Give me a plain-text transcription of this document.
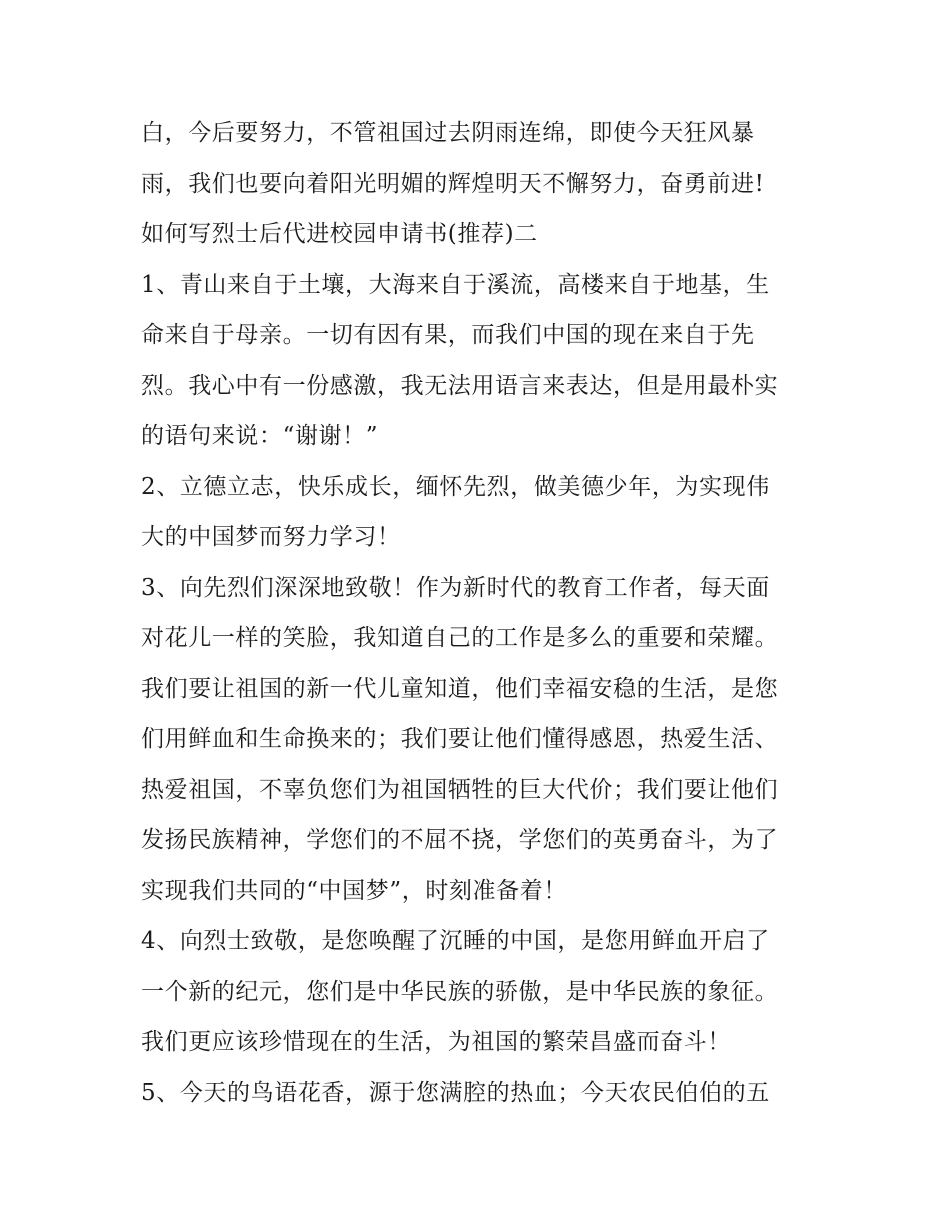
白，今后要努力，不管祖国过去阴雨连绵，即使今天狂风暴
雨，我们也要向着阳光明媚的辉煌明天不懈努力，奋勇前进!
如何写烈士后代进校园申请书(推荐)二
1、青山来自于土壤，大海来自于溪流，高楼来自于地基，生
命来自于母亲。一切有因有果，而我们中国的现在来自于先
烈。我心中有一份感激，我无法用语言来表达，但是用最朴实
的语句来说：“谢谢！”
2、立德立志，快乐成长，缅怀先烈，做美德少年，为实现伟
大的中国梦而努力学习！
3、向先烈们深深地致敬！作为新时代的教育工作者，每天面
对花儿一样的笑脸，我知道自己的工作是多么的重要和荣耀。
我们要让祖国的新一代儿童知道，他们幸福安稳的生活，是您
们用鲜血和生命换来的；我们要让他们懂得感恩，热爱生活、
热爱祖国，不辜负您们为祖国牺牲的巨大代价；我们要让他们
发扬民族精神，学您们的不屈不挠，学您们的英勇奋斗，为了
实现我们共同的“中国梦”，时刻准备着！
4、向烈士致敬，是您唤醒了沉睡的中国，是您用鲜血开启了
一个新的纪元，您们是中华民族的骄傲，是中华民族的象征。
我们更应该珍惜现在的生活，为祖国的繁荣昌盛而奋斗！
5、今天的鸟语花香，源于您满腔的热血；今天农民伯伯的五
